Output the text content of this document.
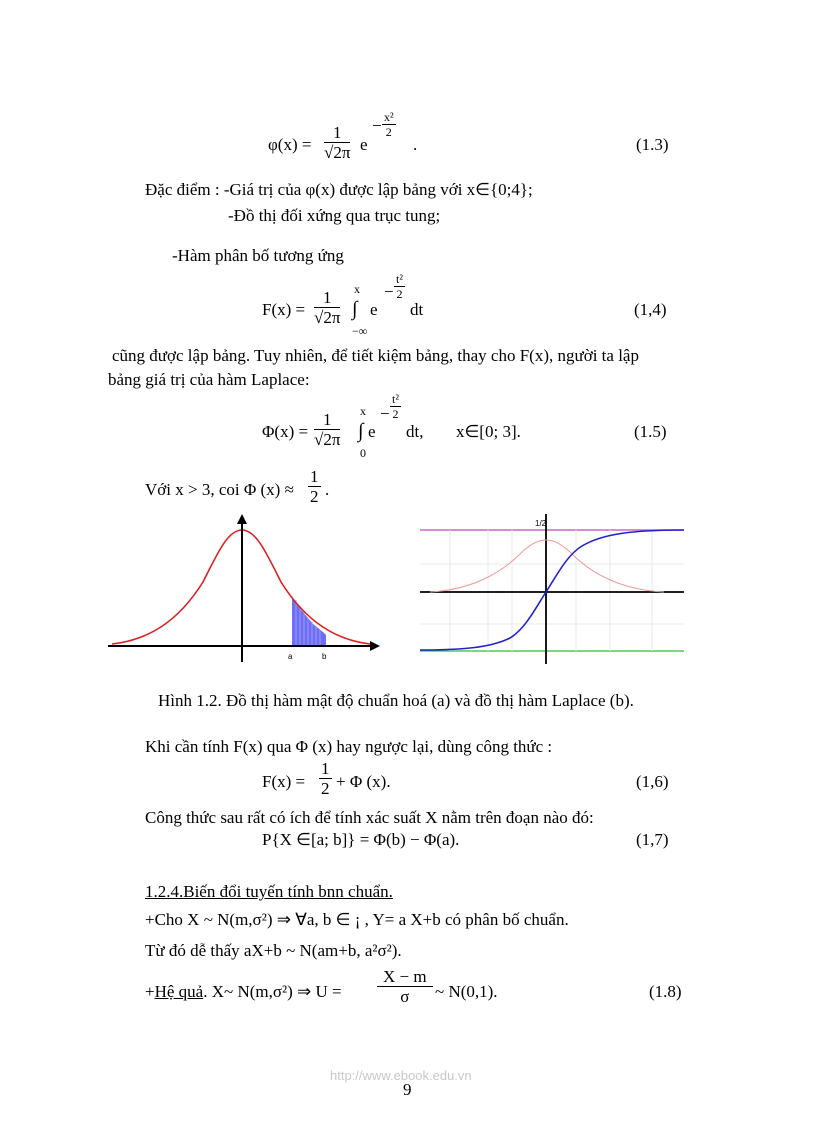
$\varphi(x) = \frac{1}{√2\pi}$ e
− $\frac{\text{x²}}{2}$
.	(1.3)
Đặc điểm : -Giá trị của φ(x) được lập bảng với x∈{0;4};
-Đồ thị đối xứng qua trục tung;
-Hàm phân bố tương ứng
$F(x) = \frac{1}{√2\pi}$ x
∫
−∞
e
− $\frac{\text{t²}}{2}$
dt	(1,4)
cũng được lập bảng. Tuy nhiên, để tiết kiệm bảng, thay cho F(x), người ta lập
bảng giá trị của hàm Laplace:
$\Phi(x) = \frac{1}{√2\pi}$ x
∫
0
e
− $\frac{\text{t²}}{2}$
dt, x∈[0; 3].	(1.5)
Với x > 3, coi Φ $(x) \approx \frac{1}{2}$ .
a	b
1/2
Hình 1.2. Đồ thị hàm mật độ chuẩn hoá (a) và đồ thị hàm Laplace (b).
Khi cần tính F(x) qua Φ (x) hay ngược lại, dùng công thức :
$F(x) = \frac{1}{2} + \Phi$ (x).	(1,6)
Công thức sau rất có ích để tính xác suất X nằm trên đoạn nào đó:
P{X ∈[a; b]} = Φ(b) − Φ(a).	(1,7)
1.2.4.Biến đổi tuyến tính bnn chuẩn.
+Cho X ~ N(m,σ²) ⇒ ∀a, b ∈ ¡ , Y= a X+b có phân bố chuẩn.
Từ đó dễ thấy aX+b ~ N(am+b, a²σ²).
+Hệ quả. X~ N(m,σ²) ⇒ $U = \frac{X - m}{\sigma}$ ~ N(0,1).	(1.8)
http://www.ebook.edu.vn
9
